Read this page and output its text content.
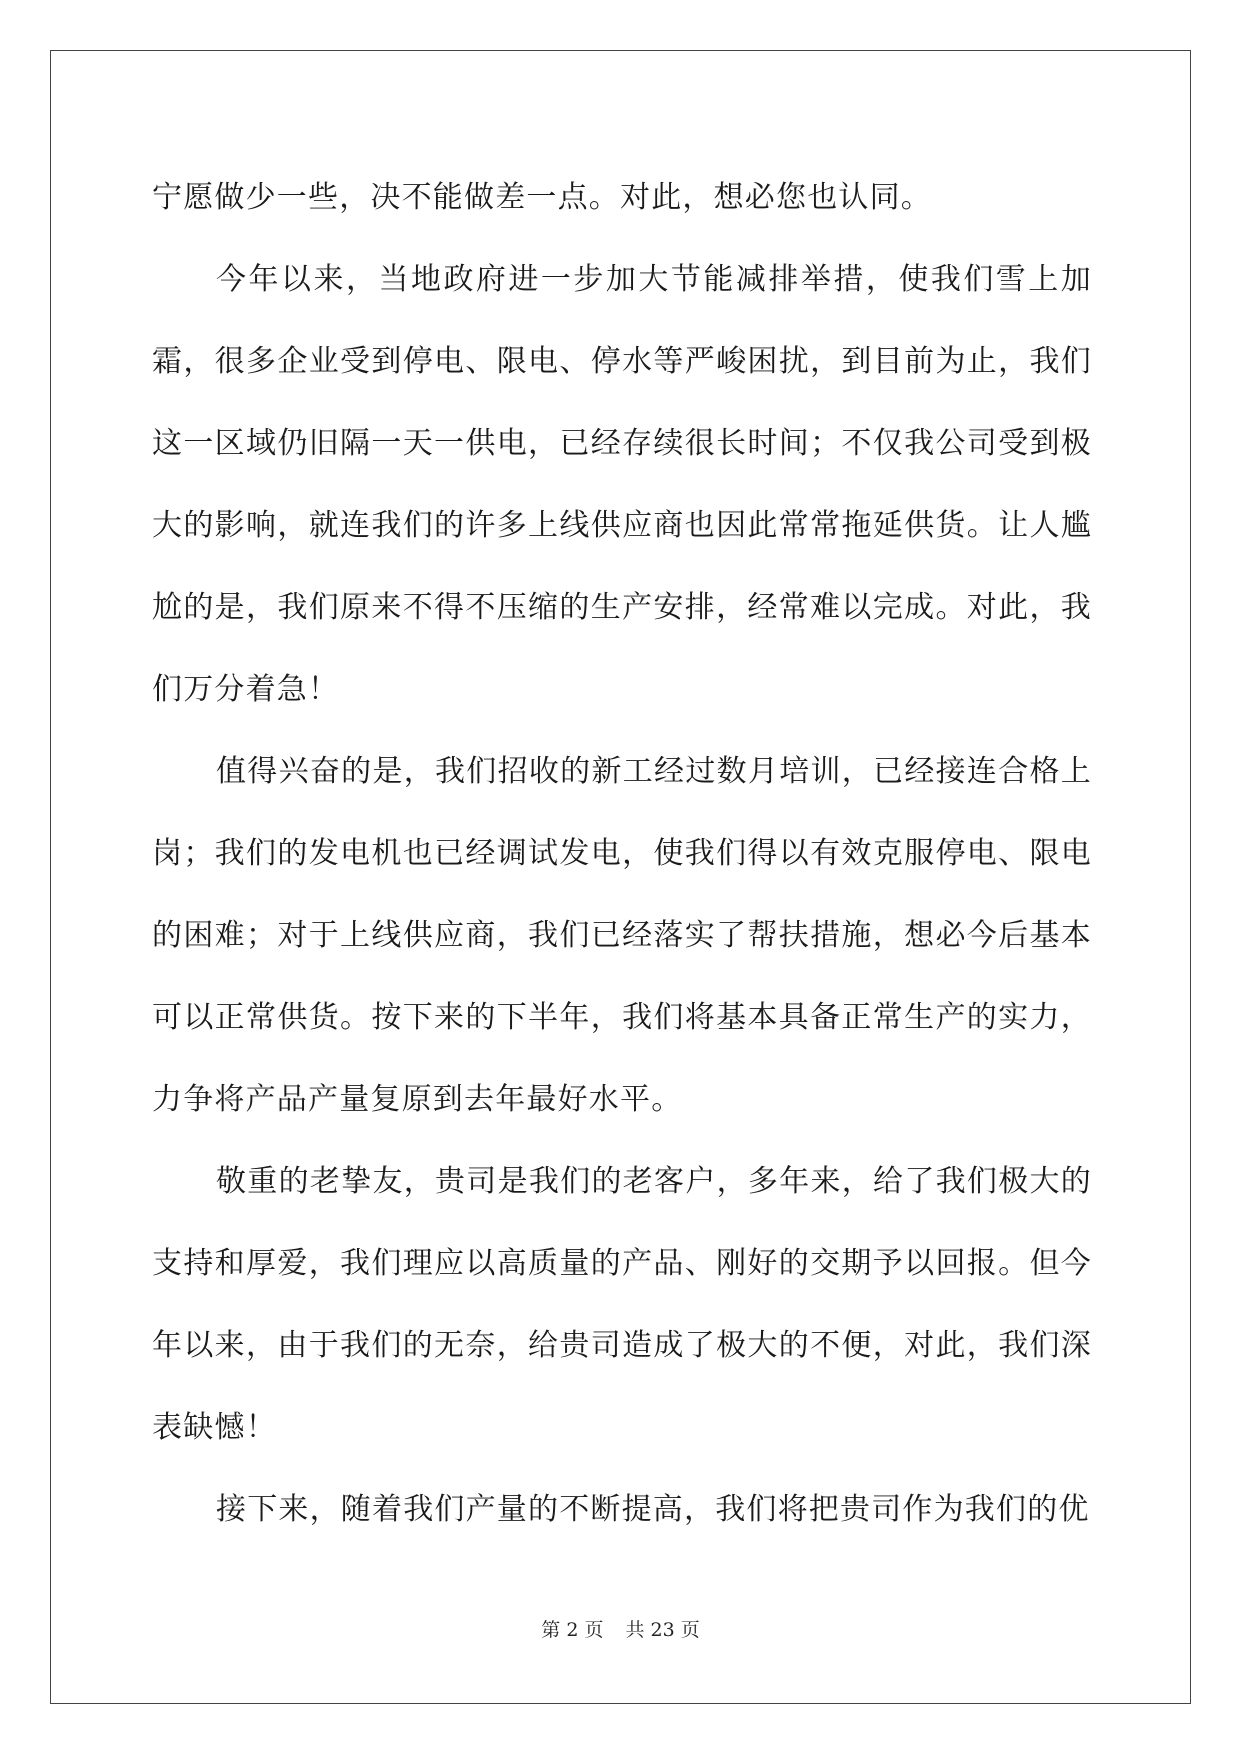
宁愿做少一些，决不能做差一点。对此，想必您也认同。

今年以来，当地政府进一步加大节能减排举措，使我们雪上加霜，很多企业受到停电、限电、停水等严峻困扰，到目前为止，我们这一区域仍旧隔一天一供电，已经存续很长时间；不仅我公司受到极大的影响，就连我们的许多上线供应商也因此常常拖延供货。让人尴尬的是，我们原来不得不压缩的生产安排，经常难以完成。对此，我们万分着急！

值得兴奋的是，我们招收的新工经过数月培训，已经接连合格上岗；我们的发电机也已经调试发电，使我们得以有效克服停电、限电的困难；对于上线供应商，我们已经落实了帮扶措施，想必今后基本可以正常供货。按下来的下半年，我们将基本具备正常生产的实力，力争将产品产量复原到去年最好水平。

敬重的老挚友，贵司是我们的老客户，多年来，给了我们极大的支持和厚爱，我们理应以高质量的产品、刚好的交期予以回报。但今年以来，由于我们的无奈，给贵司造成了极大的不便，对此，我们深表缺憾！

接下来，随着我们产量的不断提高，我们将把贵司作为我们的优

第 2 页 共 23 页
